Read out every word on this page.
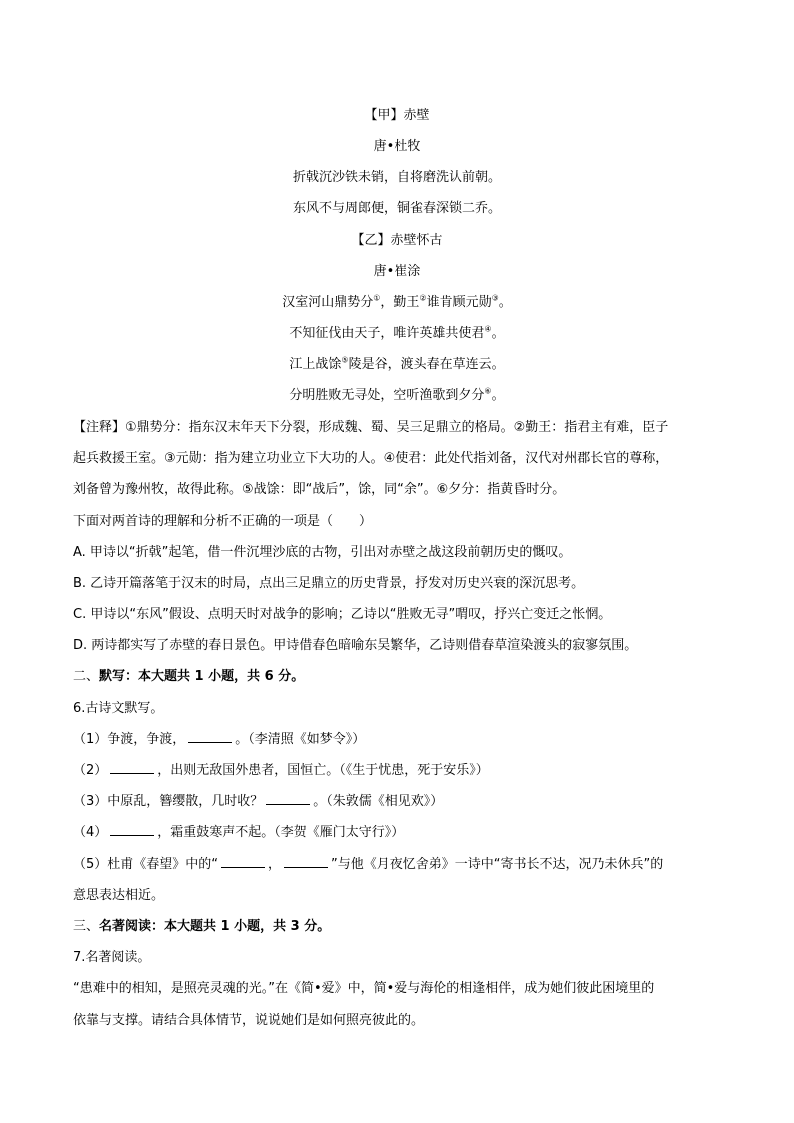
【甲】赤壁
唐•杜牧
折戟沉沙铁未销，自将磨洗认前朝。
东风不与周郎便，铜雀春深锁二乔。
【乙】赤壁怀古
唐•崔涂
汉室河山鼎势分①，勤王②谁肯顾元勋③。
不知征伐由天子，唯许英雄共使君④。
江上战馀⑤陵是谷，渡头春在草连云。
分明胜败无寻处，空听渔歌到夕分⑥。
【注释】①鼎势分：指东汉末年天下分裂，形成魏、蜀、吴三足鼎立的格局。②勤王：指君主有难，臣子
起兵救援王室。③元勋：指为建立功业立下大功的人。④使君：此处代指刘备，汉代对州郡长官的尊称，
刘备曾为豫州牧，故得此称。⑤战馀：即“战后”，馀，同“余”。⑥夕分：指黄昏时分。
下面对两首诗的理解和分析不正确的一项是（　　）
A. 甲诗以“折戟”起笔，借一件沉埋沙底的古物，引出对赤壁之战这段前朝历史的慨叹。
B. 乙诗开篇落笔于汉末的时局，点出三足鼎立的历史背景，抒发对历史兴衰的深沉思考。
C. 甲诗以“东风”假设、点明天时对战争的影响；乙诗以“胜败无寻”喟叹，抒兴亡变迁之怅惘。
D. 两诗都实写了赤壁的春日景色。甲诗借春色暗喻东吴繁华，乙诗则借春草渲染渡头的寂寥氛围。
二、默写：本大题共 1 小题，共 6 分。
6.古诗文默写。
（1）争渡，争渡，	。（李清照《如梦令》）
（2）	，出则无敌国外患者，国恒亡。（《生于忧患，死于安乐》）
（3）中原乱，簪缨散，几时收？	。（朱敦儒《相见欢》）
（4）	，霜重鼓寒声不起。（李贺《雁门太守行》）
（5）杜甫《春望》中的“	，	”与他《月夜忆舍弟》一诗中“寄书长不达，况乃未休兵”的
意思表达相近。
三、名著阅读：本大题共 1 小题，共 3 分。
7.名著阅读。
“患难中的相知，是照亮灵魂的光。”在《简•爱》中，简•爱与海伦的相逢相伴，成为她们彼此困境里的
依靠与支撑。请结合具体情节，说说她们是如何照亮彼此的。
